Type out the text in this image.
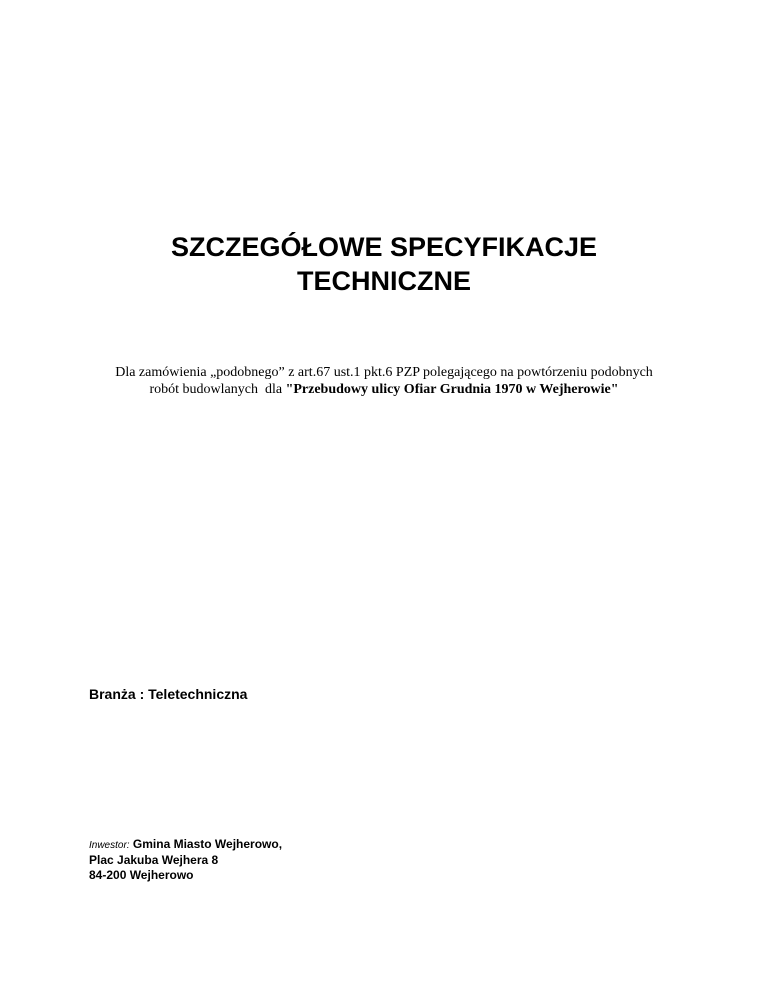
SZCZEGÓŁOWE SPECYFIKACJE
TECHNICZNE
Dla zamówienia „podobnego” z art.67 ust.1 pkt.6 PZP polegającego na powtórzeniu podobnych
robót budowlanych  dla "Przebudowy ulicy Ofiar Grudnia 1970 w Wejherowie"
Branża : Teletechniczna
Inwestor: Gmina Miasto Wejherowo,
Plac Jakuba Wejhera 8
84-200 Wejherowo
